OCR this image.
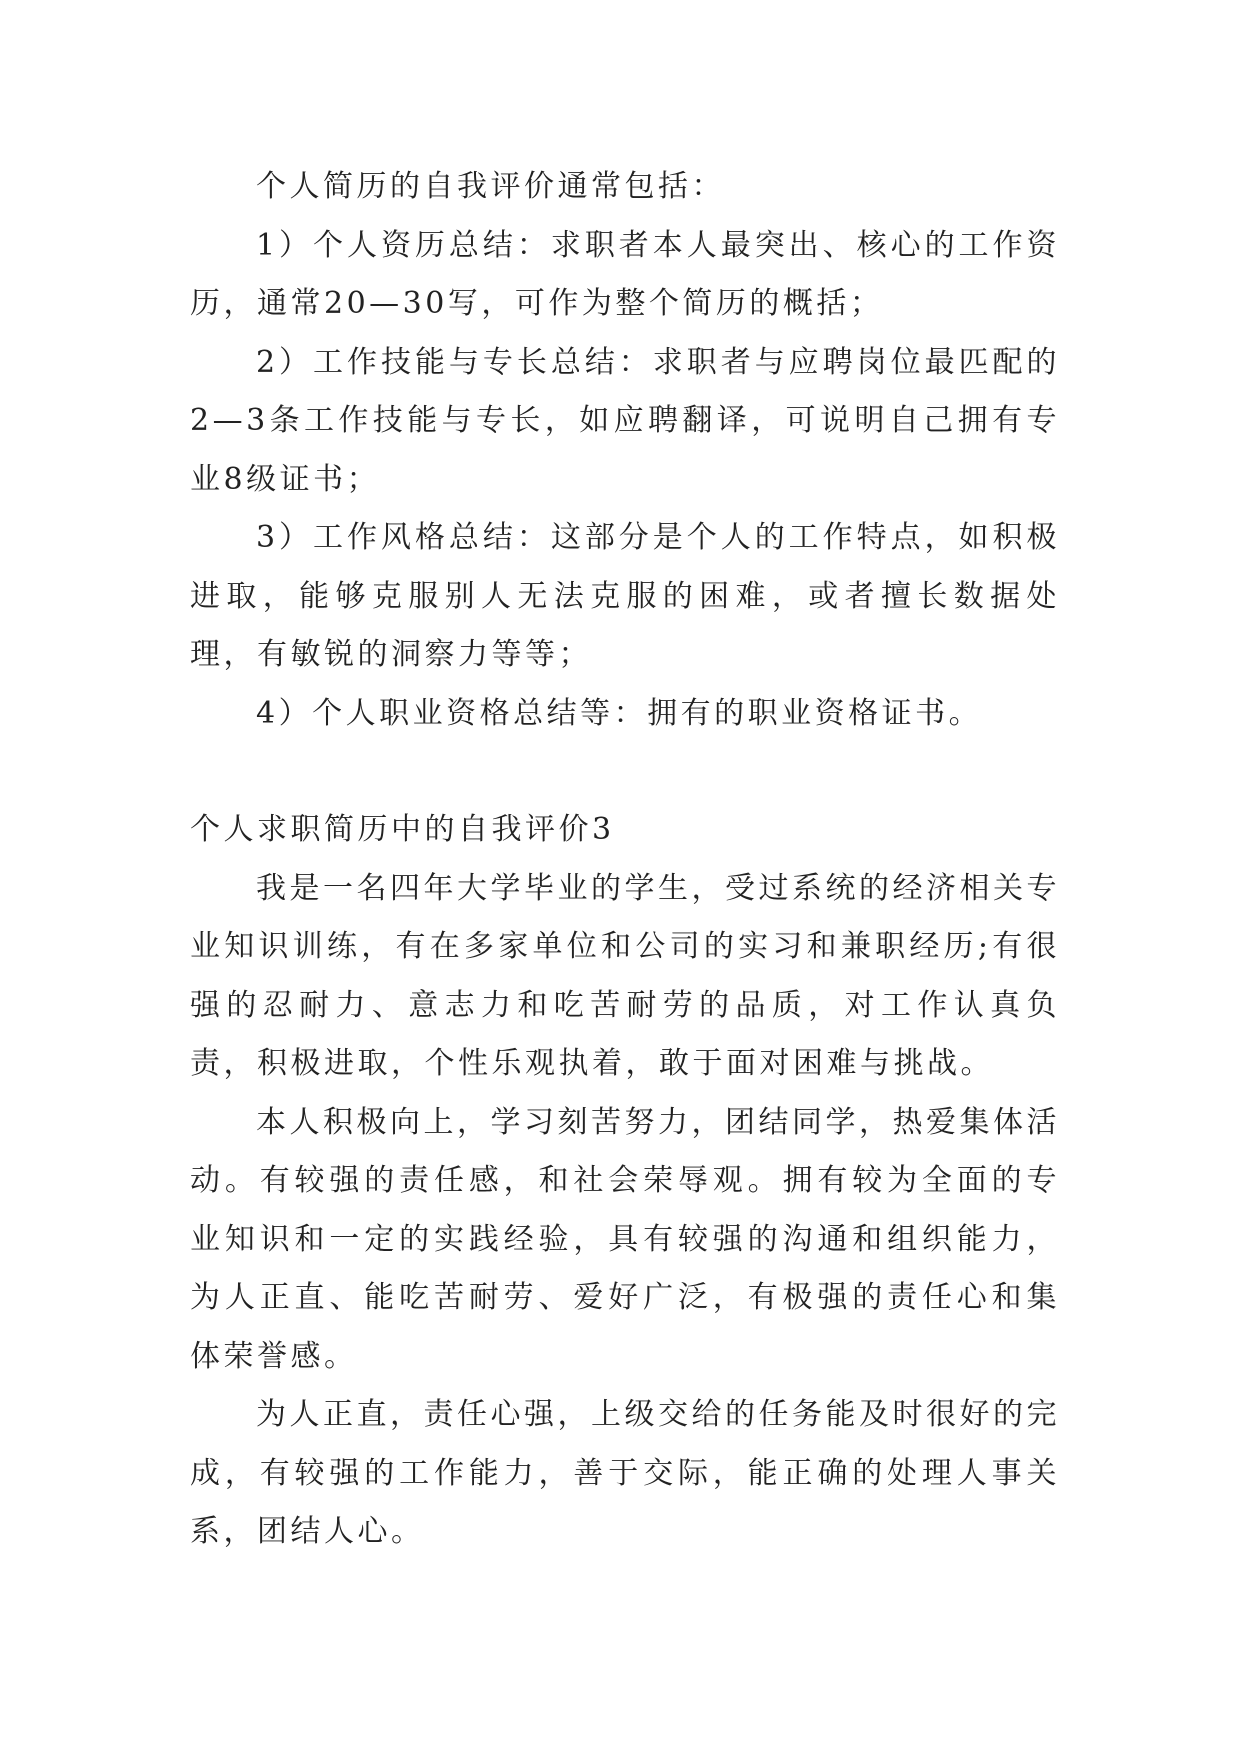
个人简历的自我评价通常包括：

1）个人资历总结：求职者本人最突出、核心的工作资历，通常20—30写，可作为整个简历的概括；

2）工作技能与专长总结：求职者与应聘岗位最匹配的2—3条工作技能与专长，如应聘翻译，可说明自己拥有专业8级证书；

3）工作风格总结：这部分是个人的工作特点，如积极进取，能够克服别人无法克服的困难，或者擅长数据处理，有敏锐的洞察力等等；

4）个人职业资格总结等：拥有的职业资格证书。

个人求职简历中的自我评价3

我是一名四年大学毕业的学生，受过系统的经济相关专业知识训练，有在多家单位和公司的实习和兼职经历;有很强的忍耐力、意志力和吃苦耐劳的品质，对工作认真负责，积极进取，个性乐观执着，敢于面对困难与挑战。

本人积极向上，学习刻苦努力，团结同学，热爱集体活动。有较强的责任感，和社会荣辱观。拥有较为全面的专业知识和一定的实践经验，具有较强的沟通和组织能力，为人正直、能吃苦耐劳、爱好广泛，有极强的责任心和集体荣誉感。

为人正直，责任心强，上级交给的任务能及时很好的完成，有较强的工作能力，善于交际，能正确的处理人事关系，团结人心。
